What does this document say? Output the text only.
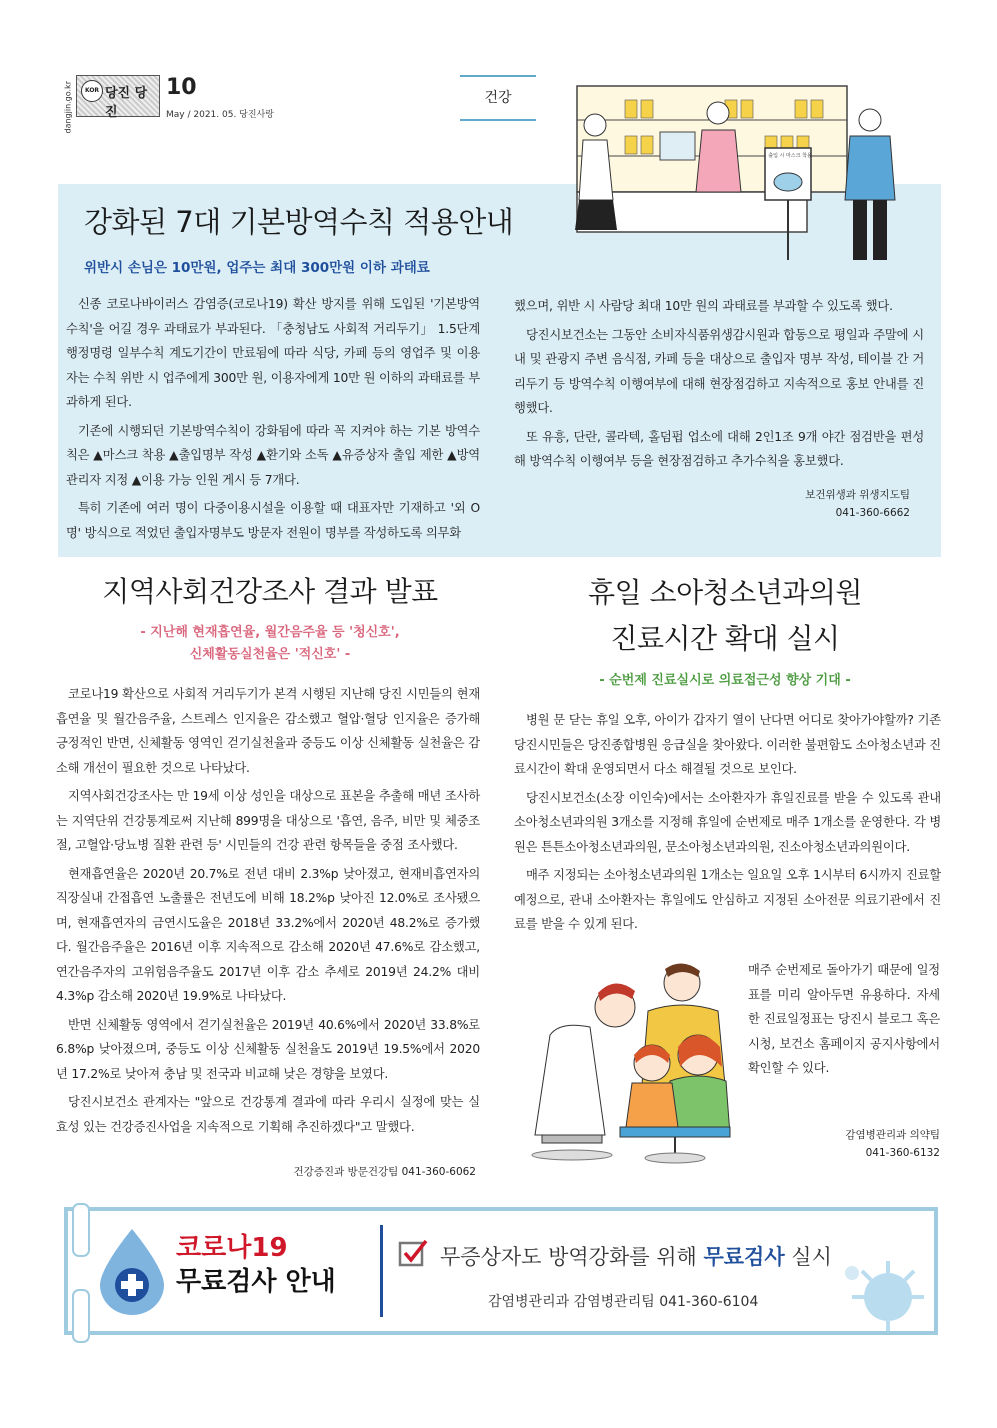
dangjin.go.kr	KOR 당진 당진
10
May / 2021. 05. 당진사랑
건강
출입 시 마스크 착용
강화된 7대 기본방역수칙 적용안내
위반시 손님은 10만원, 업주는 최대 300만원 이하 과태료

신종 코로나바이러스 감염증(코로나19) 확산 방지를 위해 도입된 '기본방역수칙'을 어길 경우 과태료가 부과된다. 「충청남도 사회적 거리두기」 1.5단계 행정명령 일부수칙 계도기간이 만료됨에 따라 식당, 카페 등의 영업주 및 이용자는 수칙 위반 시 업주에게 300만 원, 이용자에게 10만 원 이하의 과태료를 부과하게 된다.

기존에 시행되던 기본방역수칙이 강화됨에 따라 꼭 지켜야 하는 기본 방역수칙은 ▲마스크 착용 ▲출입명부 작성 ▲환기와 소독 ▲유증상자 출입 제한 ▲방역관리자 지정 ▲이용 가능 인원 게시 등 7개다.

특히 기존에 여러 명이 다중이용시설을 이용할 때 대표자만 기재하고 '외 O명' 방식으로 적었던 출입자명부도 방문자 전원이 명부를 작성하도록 의무화

했으며, 위반 시 사람당 최대 10만 원의 과태료를 부과할 수 있도록 했다.

당진시보건소는 그동안 소비자식품위생감시원과 합동으로 평일과 주말에 시내 및 관광지 주변 음식점, 카페 등을 대상으로 출입자 명부 작성, 테이블 간 거리두기 등 방역수칙 이행여부에 대해 현장점검하고 지속적으로 홍보 안내를 진행했다.

또 유흥, 단란, 콜라텍, 홀덤펍 업소에 대해 2인1조 9개 야간 점검반을 편성해 방역수칙 이행여부 등을 현장점검하고 추가수칙을 홍보했다.

보건위생과 위생지도팀
041-360-6662
지역사회건강조사 결과 발표
- 지난해 현재흡연율, 월간음주율 등 '청신호',
신체활동실천율은 '적신호' -

코로나19 확산으로 사회적 거리두기가 본격 시행된 지난해 당진 시민들의 현재흡연율 및 월간음주율, 스트레스 인지율은 감소했고 혈압·혈당 인지율은 증가해 긍정적인 반면, 신체활동 영역인 걷기실천율과 중등도 이상 신체활동 실천율은 감소해 개선이 필요한 것으로 나타났다.

지역사회건강조사는 만 19세 이상 성인을 대상으로 표본을 추출해 매년 조사하는 지역단위 건강통계로써 지난해 899명을 대상으로 '흡연, 음주, 비만 및 체중조절, 고혈압·당뇨병 질환 관련 등' 시민들의 건강 관련 항목들을 중점 조사했다.

현재흡연율은 2020년 20.7%로 전년 대비 2.3%p 낮아졌고, 현재비흡연자의 직장실내 간접흡연 노출률은 전년도에 비해 18.2%p 낮아진 12.0%로 조사됐으며, 현재흡연자의 금연시도율은 2018년 33.2%에서 2020년 48.2%로 증가했다. 월간음주율은 2016년 이후 지속적으로 감소해 2020년 47.6%로 감소했고, 연간음주자의 고위험음주율도 2017년 이후 감소 추세로 2019년 24.2% 대비 4.3%p 감소해 2020년 19.9%로 나타났다.

반면 신체활동 영역에서 걷기실천율은 2019년 40.6%에서 2020년 33.8%로 6.8%p 낮아졌으며, 중등도 이상 신체활동 실천율도 2019년 19.5%에서 2020년 17.2%로 낮아져 충남 및 전국과 비교해 낮은 경향을 보였다.

당진시보건소 관계자는 "앞으로 건강통계 결과에 따라 우리시 실정에 맞는 실효성 있는 건강증진사업을 지속적으로 기획해 추진하겠다"고 말했다.

건강증진과 방문건강팀 041-360-6062
휴일 소아청소년과의원
진료시간 확대 실시
- 순번제 진료실시로 의료접근성 향상 기대 -

병원 문 닫는 휴일 오후, 아이가 갑자기 열이 난다면 어디로 찾아가야할까? 기존 당진시민들은 당진종합병원 응급실을 찾아왔다. 이러한 불편함도 소아청소년과 진료시간이 확대 운영되면서 다소 해결될 것으로 보인다.

당진시보건소(소장 이인숙)에서는 소아환자가 휴일진료를 받을 수 있도록 관내 소아청소년과의원 3개소를 지정해 휴일에 순번제로 매주 1개소를 운영한다. 각 병원은 튼튼소아청소년과의원, 문소아청소년과의원, 진소아청소년과의원이다.

매주 지정되는 소아청소년과의원 1개소는 일요일 오후 1시부터 6시까지 진료할 예정으로, 관내 소아환자는 휴일에도 안심하고 지정된 소아전문 의료기관에서 진료를 받을 수 있게 된다.

매주 순번제로 돌아가기 때문에 일정표를 미리 알아두면 유용하다. 자세한 진료일정표는 당진시 블로그 혹은 시청, 보건소 홈페이지 공지사항에서 확인할 수 있다.
감염병관리과 의약팀
041-360-6132
코로나19
무료검사 안내
무증상자도 방역강화를 위해 무료검사 실시
감염병관리과 감염병관리팀 041-360-6104
